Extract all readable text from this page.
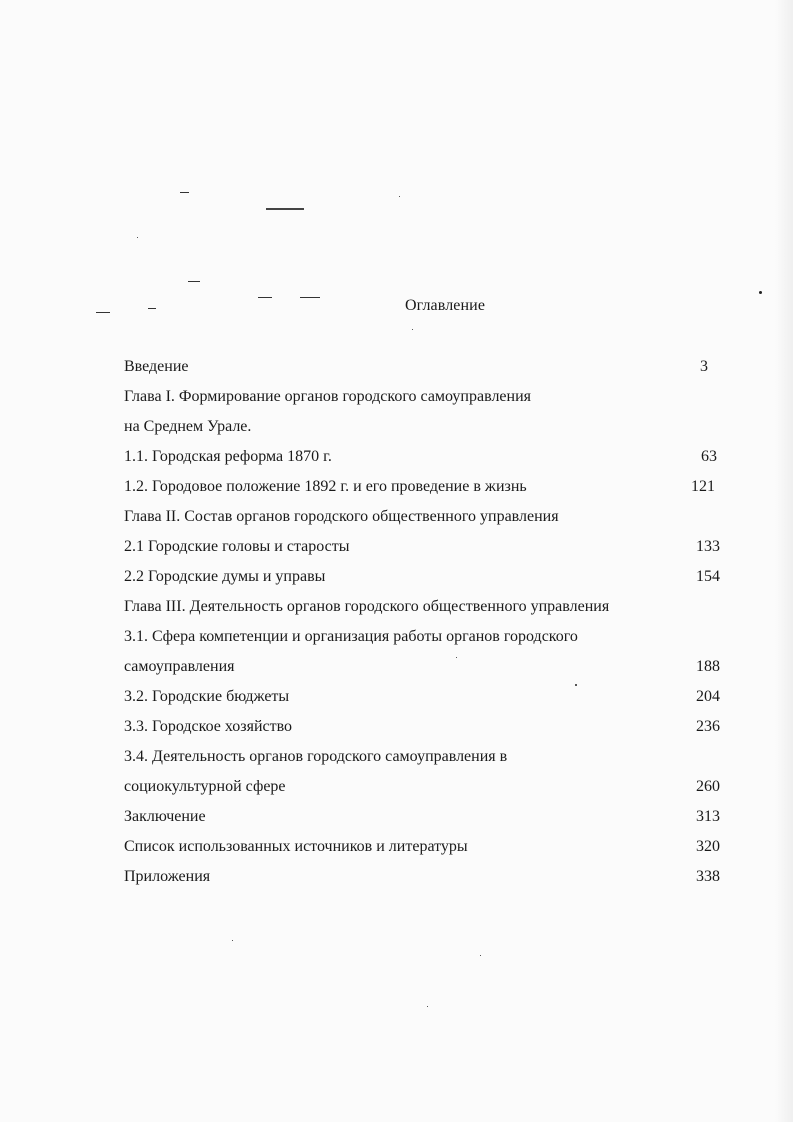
Оглавление
Введение	3
Глава I. Формирование органов городского самоуправления
на Среднем Урале.
1.1. Городская реформа 1870 г.	63
1.2. Городовое положение 1892 г. и его проведение в жизнь	121
Глава II. Состав органов городского общественного управления
2.1 Городские головы и старосты	133
2.2 Городские думы и управы	154
Глава III. Деятельность органов городского общественного управления
3.1. Сфера компетенции и организация работы органов городского
самоуправления	188
3.2. Городские бюджеты	204
3.3. Городское хозяйство	236
3.4. Деятельность органов городского самоуправления в
социокультурной сфере	260
Заключение	313
Список использованных источников и литературы	320
Приложения	338
